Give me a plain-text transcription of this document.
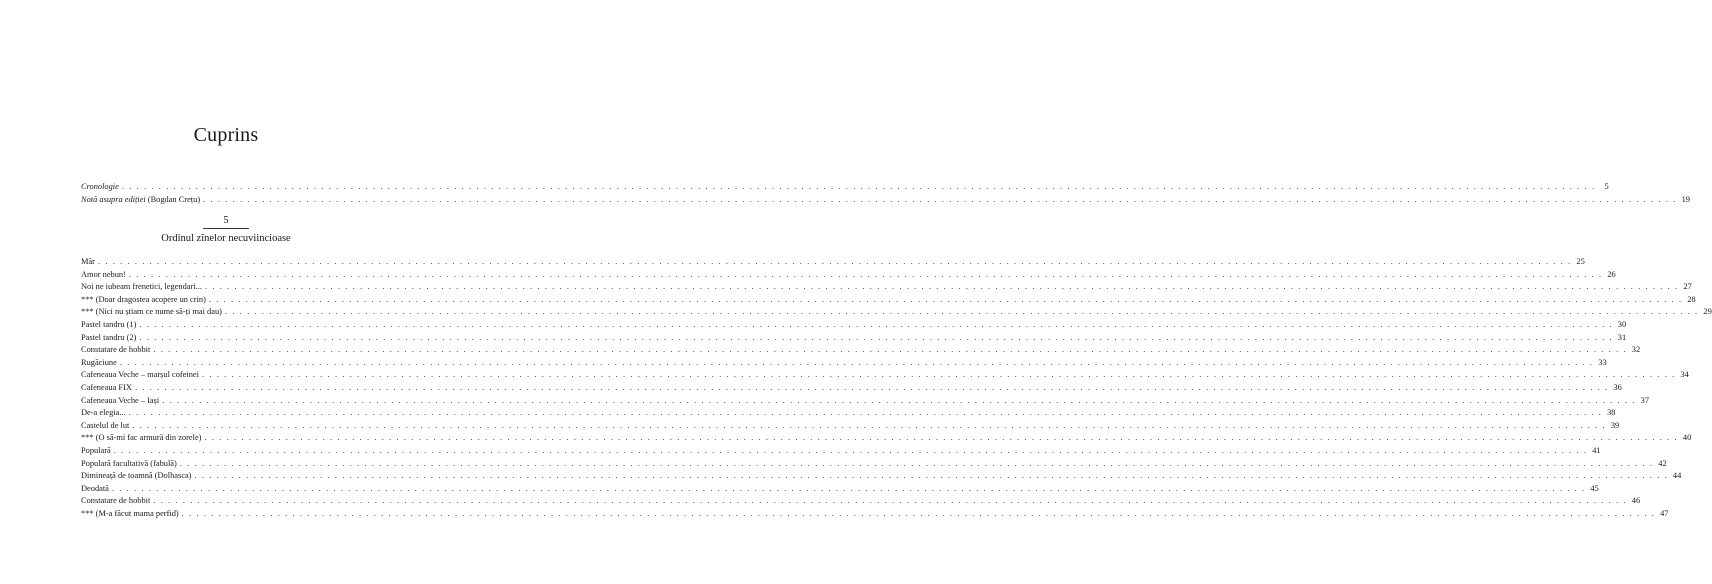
Cuprins
Cronologie . . . . . . . . . . . . . . . . . . . . . . . . . . . . . . . . . . . . . . . . . . . . . . . . . . . . . . . . . . . . . . . . . . . . . . . . . . . . . . . . . . . . . . . . . . . . . . . . . . . . . . . . . . . . . . . . . . . . . . . . . . . . . . . . . . . . . . . . . . . . . . . . . . . . . . . . . . . . . . . . . . . . . . . . . . . . . . . . . . . . . . . . . . . . . . . . . . . . . . . .	5
Notă asupra ediției (Bogdan Crețu) . . . . . . . . . . . . . . . . . . . . . . . . . . . . . . . . . . . . . . . . . . . . . . . . . . . . . . . . . . . . . . . . . . . . . . . . . . . . . . . . . . . . . . . . . . . . . . . . . . . . . . . . . . . . . . . . . . . . . . . . . . . . . . . . . . . . . . . . . . . . . . . . . . . . . . . . . . . . . . . . . . . . . . . . . . . . . . . . . . . . . . . . . . . . . . . . . . . . . . . . 19
5
Ordinul zînelor necuviincioase
Măr . . . . . . . . . . . . . . . . . . . . . . . . . . . . . . . . . . . . . . . . . . . . . . . . . . . . . . . . . . . . . . . . . . . . . . . . . . . . . . . . . . . . . . . . . . . . . . . . . . . . . . . . . . . . . . . . . . . . . . . . . . . . . . . . . . . . . . . . . . . . . . . . . . . . . . . . . . . . . . . . . . . . . . . . . . . . . . . . . . . . . . . . . . . . . . . . . . . . . . . . 25
Amor nebun! . . . . . . . . . . . . . . . . . . . . . . . . . . . . . . . . . . . . . . . . . . . . . . . . . . . . . . . . . . . . . . . . . . . . . . . . . . . . . . . . . . . . . . . . . . . . . . . . . . . . . . . . . . . . . . . . . . . . . . . . . . . . . . . . . . . . . . . . . . . . . . . . . . . . . . . . . . . . . . . . . . . . . . . . . . . . . . . . . . . . . . . . . . . . . . . . . . . . . . . . 26
Noi ne iubeam frenetici, legendari... . . . . . . . . . . . . . . . . . . . . . . . . . . . . . . . . . . . . . . . . . . . . . . . . . . . . . . . . . . . . . . . . . . . . . . . . . . . . . . . . . . . . . . . . . . . . . . . . . . . . . . . . . . . . . . . . . . . . . . . . . . . . . . . . . . . . . . . . . . . . . . . . . . . . . . . . . . . . . . . . . . . . . . . . . . . . . . . . . . . . . . . . . . . . . . . . . . . . . . . . 27
*** (Doar dragostea acopere un crin) . . . . . . . . . . . . . . . . . . . . . . . . . . . . . . . . . . . . . . . . . . . . . . . . . . . . . . . . . . . . . . . . . . . . . . . . . . . . . . . . . . . . . . . . . . . . . . . . . . . . . . . . . . . . . . . . . . . . . . . . . . . . . . . . . . . . . . . . . . . . . . . . . . . . . . . . . . . . . . . . . . . . . . . . . . . . . . . . . . . . . . . . . . . . . . . . . . . . . . . . 28
*** (Nici nu știam ce nume să-ți mai dau) . . . . . . . . . . . . . . . . . . . . . . . . . . . . . . . . . . . . . . . . . . . . . . . . . . . . . . . . . . . . . . . . . . . . . . . . . . . . . . . . . . . . . . . . . . . . . . . . . . . . . . . . . . . . . . . . . . . . . . . . . . . . . . . . . . . . . . . . . . . . . . . . . . . . . . . . . . . . . . . . . . . . . . . . . . . . . . . . . . . . . . . . . . . . . . . . . . . . . . . . 29
Pastel tandru (1) . . . . . . . . . . . . . . . . . . . . . . . . . . . . . . . . . . . . . . . . . . . . . . . . . . . . . . . . . . . . . . . . . . . . . . . . . . . . . . . . . . . . . . . . . . . . . . . . . . . . . . . . . . . . . . . . . . . . . . . . . . . . . . . . . . . . . . . . . . . . . . . . . . . . . . . . . . . . . . . . . . . . . . . . . . . . . . . . . . . . . . . . . . . . . . . . . . . . . . . . 30
Pastel tandru (2) . . . . . . . . . . . . . . . . . . . . . . . . . . . . . . . . . . . . . . . . . . . . . . . . . . . . . . . . . . . . . . . . . . . . . . . . . . . . . . . . . . . . . . . . . . . . . . . . . . . . . . . . . . . . . . . . . . . . . . . . . . . . . . . . . . . . . . . . . . . . . . . . . . . . . . . . . . . . . . . . . . . . . . . . . . . . . . . . . . . . . . . . . . . . . . . . . . . . . . . . 31
Constatare de hobbit . . . . . . . . . . . . . . . . . . . . . . . . . . . . . . . . . . . . . . . . . . . . . . . . . . . . . . . . . . . . . . . . . . . . . . . . . . . . . . . . . . . . . . . . . . . . . . . . . . . . . . . . . . . . . . . . . . . . . . . . . . . . . . . . . . . . . . . . . . . . . . . . . . . . . . . . . . . . . . . . . . . . . . . . . . . . . . . . . . . . . . . . . . . . . . . . . . . . . . . . 32
Rugăciune . . . . . . . . . . . . . . . . . . . . . . . . . . . . . . . . . . . . . . . . . . . . . . . . . . . . . . . . . . . . . . . . . . . . . . . . . . . . . . . . . . . . . . . . . . . . . . . . . . . . . . . . . . . . . . . . . . . . . . . . . . . . . . . . . . . . . . . . . . . . . . . . . . . . . . . . . . . . . . . . . . . . . . . . . . . . . . . . . . . . . . . . . . . . . . . . . . . . . . . . 33
Cafeneaua Veche – marșul cofeinei . . . . . . . . . . . . . . . . . . . . . . . . . . . . . . . . . . . . . . . . . . . . . . . . . . . . . . . . . . . . . . . . . . . . . . . . . . . . . . . . . . . . . . . . . . . . . . . . . . . . . . . . . . . . . . . . . . . . . . . . . . . . . . . . . . . . . . . . . . . . . . . . . . . . . . . . . . . . . . . . . . . . . . . . . . . . . . . . . . . . . . . . . . . . . . . . . . . . . . . . 34
Cafeneaua FIX . . . . . . . . . . . . . . . . . . . . . . . . . . . . . . . . . . . . . . . . . . . . . . . . . . . . . . . . . . . . . . . . . . . . . . . . . . . . . . . . . . . . . . . . . . . . . . . . . . . . . . . . . . . . . . . . . . . . . . . . . . . . . . . . . . . . . . . . . . . . . . . . . . . . . . . . . . . . . . . . . . . . . . . . . . . . . . . . . . . . . . . . . . . . . . . . . . . . . . . . 36
Cafeneaua Veche – Iași . . . . . . . . . . . . . . . . . . . . . . . . . . . . . . . . . . . . . . . . . . . . . . . . . . . . . . . . . . . . . . . . . . . . . . . . . . . . . . . . . . . . . . . . . . . . . . . . . . . . . . . . . . . . . . . . . . . . . . . . . . . . . . . . . . . . . . . . . . . . . . . . . . . . . . . . . . . . . . . . . . . . . . . . . . . . . . . . . . . . . . . . . . . . . . . . . . . . . . . . 37
De-a elegia... . . . . . . . . . . . . . . . . . . . . . . . . . . . . . . . . . . . . . . . . . . . . . . . . . . . . . . . . . . . . . . . . . . . . . . . . . . . . . . . . . . . . . . . . . . . . . . . . . . . . . . . . . . . . . . . . . . . . . . . . . . . . . . . . . . . . . . . . . . . . . . . . . . . . . . . . . . . . . . . . . . . . . . . . . . . . . . . . . . . . . . . . . . . . . . . . . . . . . . . . 38
Castelul de lut . . . . . . . . . . . . . . . . . . . . . . . . . . . . . . . . . . . . . . . . . . . . . . . . . . . . . . . . . . . . . . . . . . . . . . . . . . . . . . . . . . . . . . . . . . . . . . . . . . . . . . . . . . . . . . . . . . . . . . . . . . . . . . . . . . . . . . . . . . . . . . . . . . . . . . . . . . . . . . . . . . . . . . . . . . . . . . . . . . . . . . . . . . . . . . . . . . . . . . . . 39
*** (O să-mi fac armură din zorele) . . . . . . . . . . . . . . . . . . . . . . . . . . . . . . . . . . . . . . . . . . . . . . . . . . . . . . . . . . . . . . . . . . . . . . . . . . . . . . . . . . . . . . . . . . . . . . . . . . . . . . . . . . . . . . . . . . . . . . . . . . . . . . . . . . . . . . . . . . . . . . . . . . . . . . . . . . . . . . . . . . . . . . . . . . . . . . . . . . . . . . . . . . . . . . . . . . . . . . . . 40
Populară . . . . . . . . . . . . . . . . . . . . . . . . . . . . . . . . . . . . . . . . . . . . . . . . . . . . . . . . . . . . . . . . . . . . . . . . . . . . . . . . . . . . . . . . . . . . . . . . . . . . . . . . . . . . . . . . . . . . . . . . . . . . . . . . . . . . . . . . . . . . . . . . . . . . . . . . . . . . . . . . . . . . . . . . . . . . . . . . . . . . . . . . . . . . . . . . . . . . . . . . 41
Populară facultativă (fabulă) . . . . . . . . . . . . . . . . . . . . . . . . . . . . . . . . . . . . . . . . . . . . . . . . . . . . . . . . . . . . . . . . . . . . . . . . . . . . . . . . . . . . . . . . . . . . . . . . . . . . . . . . . . . . . . . . . . . . . . . . . . . . . . . . . . . . . . . . . . . . . . . . . . . . . . . . . . . . . . . . . . . . . . . . . . . . . . . . . . . . . . . . . . . . . . . . . . . . . . . . 42
Dimineață de toamnă (Dolhasca) . . . . . . . . . . . . . . . . . . . . . . . . . . . . . . . . . . . . . . . . . . . . . . . . . . . . . . . . . . . . . . . . . . . . . . . . . . . . . . . . . . . . . . . . . . . . . . . . . . . . . . . . . . . . . . . . . . . . . . . . . . . . . . . . . . . . . . . . . . . . . . . . . . . . . . . . . . . . . . . . . . . . . . . . . . . . . . . . . . . . . . . . . . . . . . . . . . . . . . . . 44
Deodată . . . . . . . . . . . . . . . . . . . . . . . . . . . . . . . . . . . . . . . . . . . . . . . . . . . . . . . . . . . . . . . . . . . . . . . . . . . . . . . . . . . . . . . . . . . . . . . . . . . . . . . . . . . . . . . . . . . . . . . . . . . . . . . . . . . . . . . . . . . . . . . . . . . . . . . . . . . . . . . . . . . . . . . . . . . . . . . . . . . . . . . . . . . . . . . . . . . . . . . . 45
Constatare de hobbit . . . . . . . . . . . . . . . . . . . . . . . . . . . . . . . . . . . . . . . . . . . . . . . . . . . . . . . . . . . . . . . . . . . . . . . . . . . . . . . . . . . . . . . . . . . . . . . . . . . . . . . . . . . . . . . . . . . . . . . . . . . . . . . . . . . . . . . . . . . . . . . . . . . . . . . . . . . . . . . . . . . . . . . . . . . . . . . . . . . . . . . . . . . . . . . . . . . . . . . . 46
*** (M-a făcut mama perfid) . . . . . . . . . . . . . . . . . . . . . . . . . . . . . . . . . . . . . . . . . . . . . . . . . . . . . . . . . . . . . . . . . . . . . . . . . . . . . . . . . . . . . . . . . . . . . . . . . . . . . . . . . . . . . . . . . . . . . . . . . . . . . . . . . . . . . . . . . . . . . . . . . . . . . . . . . . . . . . . . . . . . . . . . . . . . . . . . . . . . . . . . . . . . . . . . . . . . . . . . 47
